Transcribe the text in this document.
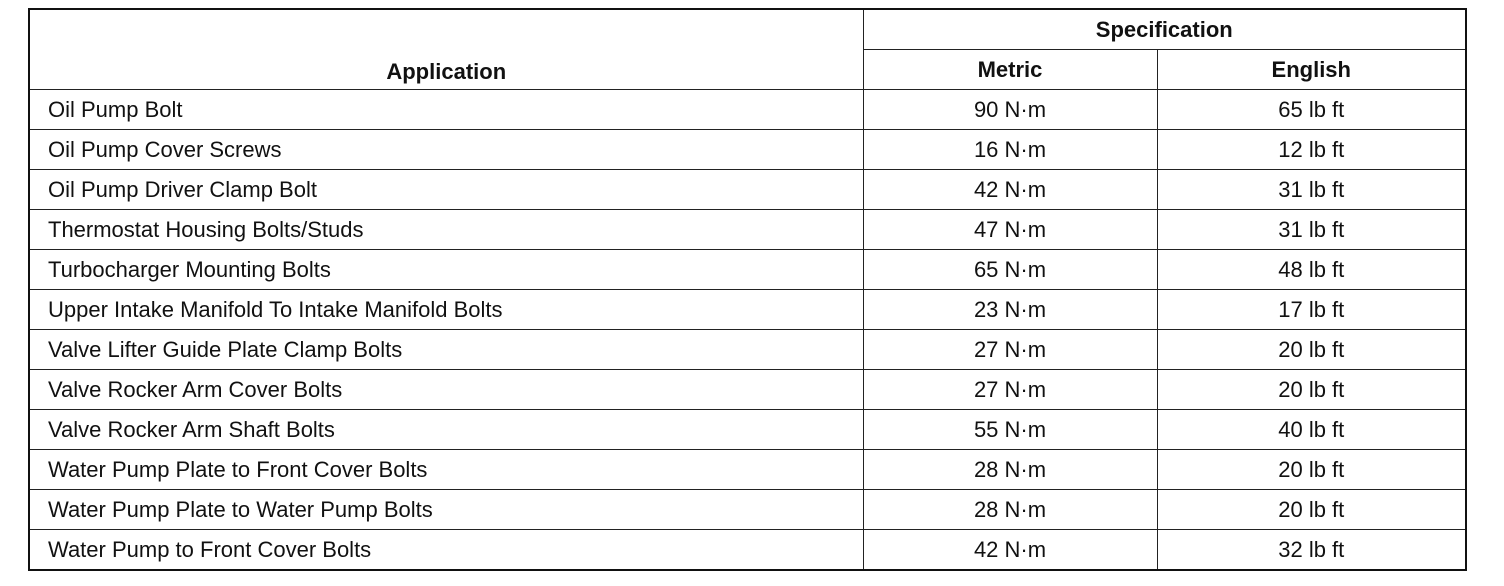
Application	Specification	
	Metric	English
Oil Pump Bolt	90 N·m	65 lb ft
Oil Pump Cover Screws	16 N·m	12 lb ft
Oil Pump Driver Clamp Bolt	42 N·m	31 lb ft
Thermostat Housing Bolts/Studs	47 N·m	31 lb ft
Turbocharger Mounting Bolts	65 N·m	48 lb ft
Upper Intake Manifold To Intake Manifold Bolts	23 N·m	17 lb ft
Valve Lifter Guide Plate Clamp Bolts	27 N·m	20 lb ft
Valve Rocker Arm Cover Bolts	27 N·m	20 lb ft
Valve Rocker Arm Shaft Bolts	55 N·m	40 lb ft
Water Pump Plate to Front Cover Bolts	28 N·m	20 lb ft
Water Pump Plate to Water Pump Bolts	28 N·m	20 lb ft
Water Pump to Front Cover Bolts	42 N·m	32 lb ft
